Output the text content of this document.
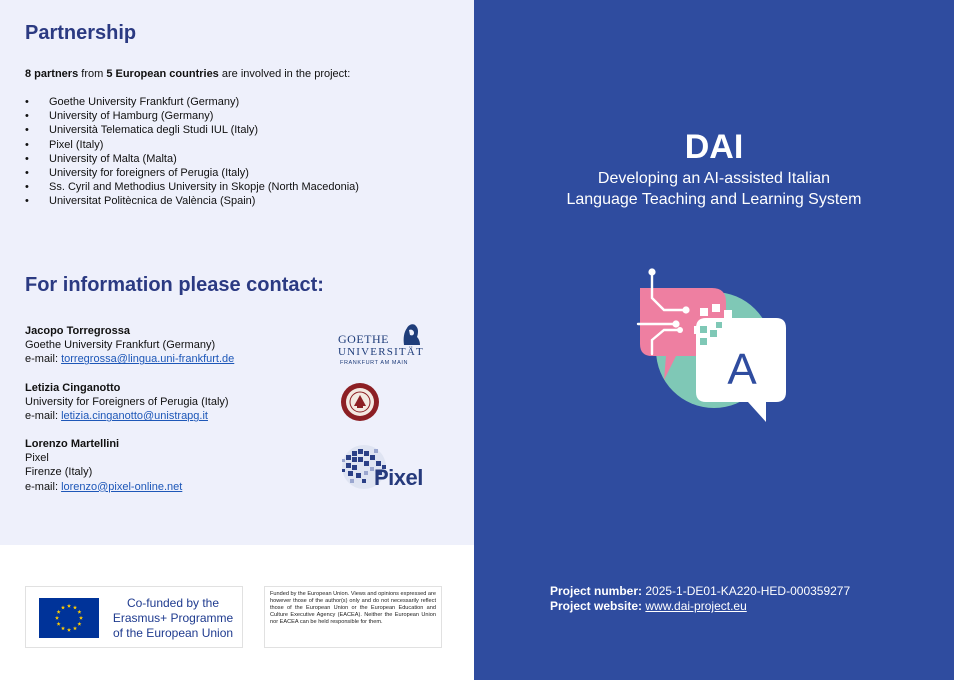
Partnership

8 partners from 5 European countries are involved in the project:

• Goethe University Frankfurt (Germany)
• University of Hamburg (Germany)
• Università Telematica degli Studi IUL (Italy)
• Pixel (Italy)
• University of Malta (Malta)
• University for foreigners of Perugia (Italy)
• Ss. Cyril and Methodius University in Skopje (North Macedonia)
• Universitat Politècnica de València (Spain)
For information please contact:
Jacopo Torregrossa
Goethe University Frankfurt (Germany)
e-mail: torregrossa@lingua.uni-frankfurt.de
Letizia Cinganotto
University for Foreigners of Perugia (Italy)
e-mail: letizia.cinganotto@unistrapg.it
Lorenzo Martellini
Pixel
Firenze (Italy)
e-mail: lorenzo@pixel-online.net
GOETHE
UNIVERSITÄT
FRANKFURT AM MAIN
Pixel
Co-funded by the
Erasmus+ Programme
of the European Union
Funded by the European Union. Views and opinions expressed are however those of the author(s) only and do not necessarily reflect those of the European Union or the European Education and Culture Executive Agency (EACEA). Neither the European Union nor EACEA can be held responsible for them.
DAI
Developing an AI-assisted Italian
Language Teaching and Learning System
A
Project number: 2025-1-DE01-KA220-HED-000359277
Project website: www.dai-project.eu
